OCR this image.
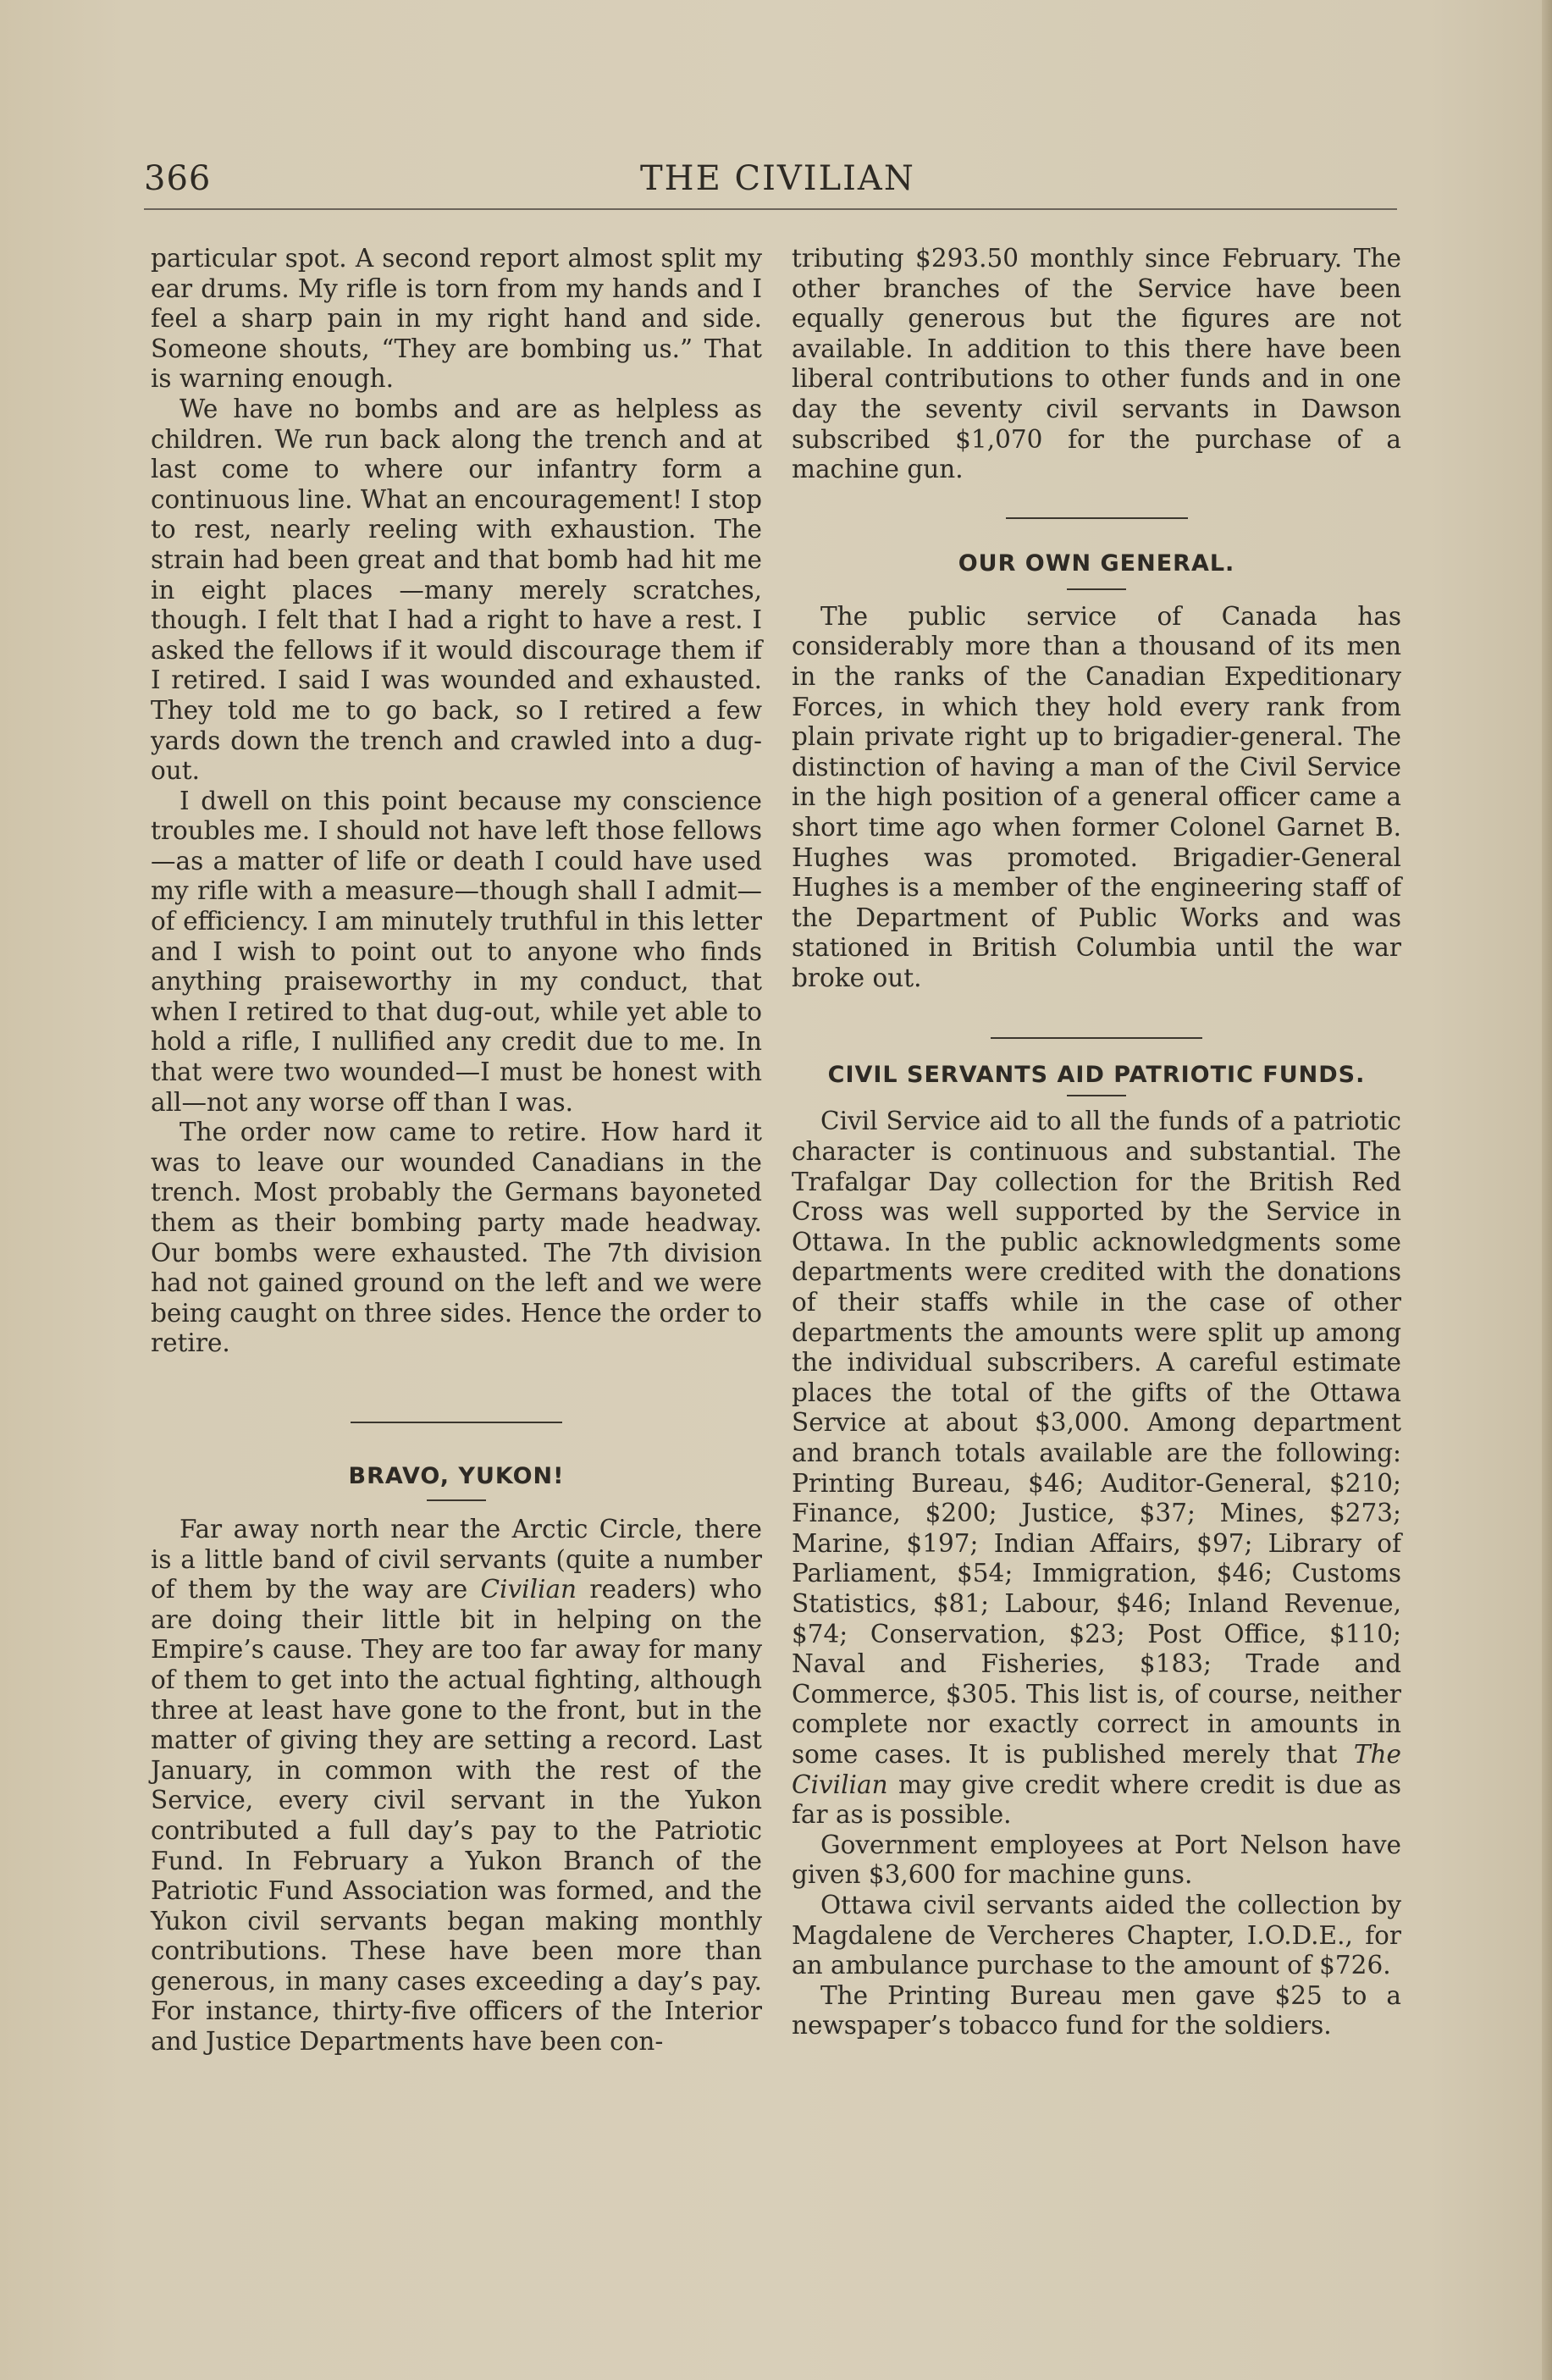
366	THE CIVILIAN

particular spot. A second report almost split my ear drums. My rifle is torn from my hands and I feel a sharp pain in my right hand and side. Someone shouts, “They are bombing us.” That is warning enough.

We have no bombs and are as helpless as children. We run back along the trench and at last come to where our infantry form a continuous line. What an encouragement! I stop to rest, nearly reeling with exhaustion. The strain had been great and that bomb had hit me in eight places —many merely scratches, though. I felt that I had a right to have a rest. I asked the fellows if it would discourage them if I retired. I said I was wounded and exhausted. They told me to go back, so I retired a few yards down the trench and crawled into a dug-out.

I dwell on this point because my conscience troubles me. I should not have left those fellows—as a matter of life or death I could have used my rifle with a measure—though shall I admit—of efficiency. I am minutely truthful in this letter and I wish to point out to anyone who finds anything praiseworthy in my conduct, that when I retired to that dug-out, while yet able to hold a rifle, I nullified any credit due to me. In that were two wounded—I must be honest with all—not any worse off than I was.

The order now came to retire. How hard it was to leave our wounded Canadians in the trench. Most probably the Germans bayoneted them as their bombing party made headway. Our bombs were exhausted. The 7th division had not gained ground on the left and we were being caught on three sides. Hence the order to retire.

BRAVO, YUKON!

Far away north near the Arctic Circle, there is a little band of civil servants (quite a number of them by the way are Civilian readers) who are doing their little bit in helping on the Empire’s cause. They are too far away for many of them to get into the actual fighting, although three at least have gone to the front, but in the matter of giving they are setting a record. Last January, in common with the rest of the Service, every civil servant in the Yukon contributed a full day’s pay to the Patriotic Fund. In February a Yukon Branch of the Patriotic Fund Association was formed, and the Yukon civil servants began making monthly contributions. These have been more than generous, in many cases exceeding a day’s pay. For instance, thirty-five officers of the Interior and Justice Departments have been con-

tributing $293.50 monthly since February. The other branches of the Service have been equally generous but the figures are not available. In addition to this there have been liberal contributions to other funds and in one day the seventy civil servants in Dawson subscribed $1,070 for the purchase of a machine gun.

OUR OWN GENERAL.

The public service of Canada has considerably more than a thousand of its men in the ranks of the Canadian Expeditionary Forces, in which they hold every rank from plain private right up to brigadier-general. The distinction of having a man of the Civil Service in the high position of a general officer came a short time ago when former Colonel Garnet B. Hughes was promoted. Brigadier-General Hughes is a member of the engineering staff of the Department of Public Works and was stationed in British Columbia until the war broke out.

CIVIL SERVANTS AID PATRIOTIC FUNDS.

Civil Service aid to all the funds of a patriotic character is continuous and substantial. The Trafalgar Day collection for the British Red Cross was well supported by the Service in Ottawa. In the public acknowledgments some departments were credited with the donations of their staffs while in the case of other departments the amounts were split up among the individual subscribers. A careful estimate places the total of the gifts of the Ottawa Service at about $3,000. Among department and branch totals available are the following: Printing Bureau, $46; Auditor-General, $210; Finance, $200; Justice, $37; Mines, $273; Marine, $197; Indian Affairs, $97; Library of Parliament, $54; Immigration, $46; Customs Statistics, $81; Labour, $46; Inland Revenue, $74; Conservation, $23; Post Office, $110; Naval and Fisheries, $183; Trade and Commerce, $305. This list is, of course, neither complete nor exactly correct in amounts in some cases. It is published merely that The Civilian may give credit where credit is due as far as is possible.

Government employees at Port Nelson have given $3,600 for machine guns.

Ottawa civil servants aided the collection by Magdalene de Vercheres Chapter, I.O.D.E., for an ambulance purchase to the amount of $726.

The Printing Bureau men gave $25 to a newspaper’s tobacco fund for the soldiers.
